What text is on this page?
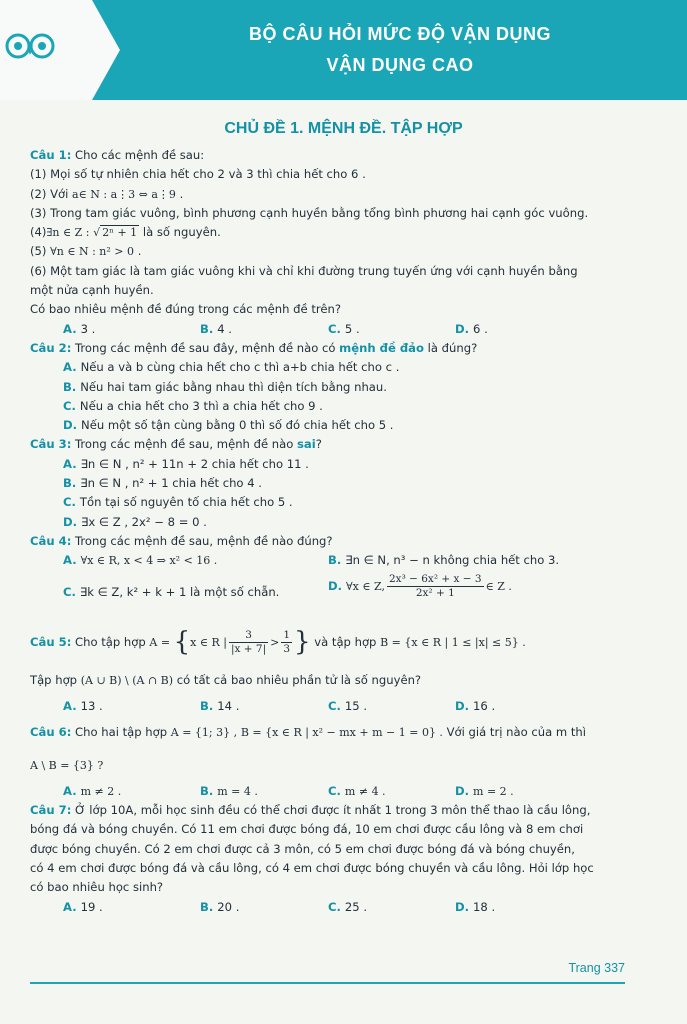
BỘ CÂU HỎI MỨC ĐỘ VẬN DỤNG
VẬN DỤNG CAO
CHỦ ĐỀ 1. MỆNH ĐỀ. TẬP HỢP

Câu 1: Cho các mệnh đề sau:

(1) Mọi số tự nhiên chia hết cho 2 và 3 thì chia hết cho 6 .

(2) Với a∈ N : a⋮3 ⇔ a⋮9 .

(3) Trong tam giác vuông, bình phương cạnh huyền bằng tổng bình phương hai cạnh góc vuông.

(4)∃n ∈ Z : √ 2ⁿ + 1 là số nguyên.

(5) ∀n ∈ N : n² > 0 .

(6) Một tam giác là tam giác vuông khi và chỉ khi đường trung tuyến ứng với cạnh huyền bằng

một nửa cạnh huyền.

Có bao nhiêu mệnh đề đúng trong các mệnh đề trên?

A. 3 .	B. 4 .	C. 5 .	D. 6 .

Câu 2: Trong các mệnh đề sau đây, mệnh đề nào có mệnh đề đảo là đúng?

A. Nếu a và b cùng chia hết cho c thì a+b chia hết cho c .

B. Nếu hai tam giác bằng nhau thì diện tích bằng nhau.

C. Nếu a chia hết cho 3 thì a chia hết cho 9 .

D. Nếu một số tận cùng bằng 0 thì số đó chia hết cho 5 .

Câu 3: Trong các mệnh đề sau, mệnh đề nào sai?

A. ∃n ∈ N , n² + 11n + 2 chia hết cho 11 .

B. ∃n ∈ N , n² + 1 chia hết cho 4 .

C. Tồn tại số nguyên tố chia hết cho 5 .

D. ∃x ∈ Z , 2x² − 8 = 0 .

Câu 4: Trong các mệnh đề sau, mệnh đề nào đúng?

A. ∀x ∈ R, x < 4 ⇒ x² < 16 .	B. ∃n ∈ N, n³ − n không chia hết cho 3.
C. ∃k ∈ Z, k² + k + 1 là một số chẵn.	D. ∀x ∈ Z, $\frac{\text{2x³ − 6x² + x − 3}}{\text{2x² + 1}}$ ∈ Z .
Câu 5: Cho tập hợp A = {x ∈ R | $\frac{3}{|x + 7|} > \frac{1}{3}$ } và tập hợp B = {x ∈ R | 1 ≤ |x| ≤ 5} .

Tập hợp (A ∪ B) \ (A ∩ B) có tất cả bao nhiêu phần tử là số nguyên?

A. 13 .	B. 14 .	C. 15 .	D. 16 .
Câu 6: Cho hai tập hợp A = {1; 3} , B = {x ∈ R | x² − mx + m − 1 = 0} . Với giá trị nào của m thì
A \ B = {3} ?
A. m ≠ 2 .	B. m = 4 .	C. m ≠ 4 .	D. m = 2 .

Câu 7: Ở lớp 10A, mỗi học sinh đều có thể chơi được ít nhất 1 trong 3 môn thể thao là cầu lông,

bóng đá và bóng chuyền. Có 11 em chơi được bóng đá, 10 em chơi được cầu lông và 8 em chơi

được bóng chuyền. Có 2 em chơi được cả 3 môn, có 5 em chơi được bóng đá và bóng chuyền,

có 4 em chơi được bóng đá và cầu lông, có 4 em chơi được bóng chuyền và cầu lông. Hỏi lớp học

có bao nhiêu học sinh?

A. 19 .	B. 20 .	C. 25 .	D. 18 .
Trang 337
